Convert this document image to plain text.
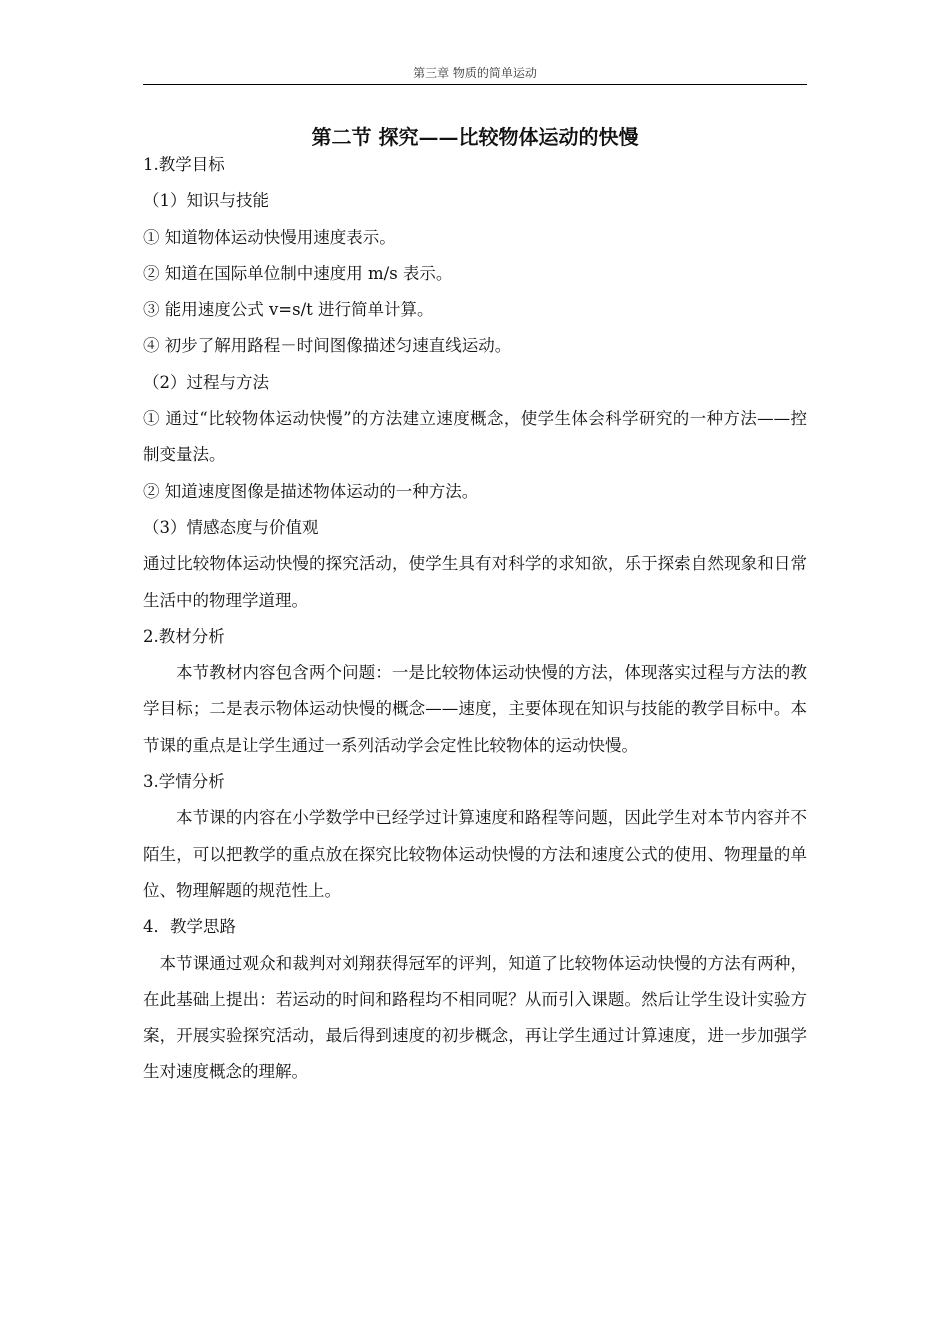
第三章 物质的简单运动
第二节 探究——比较物体运动的快慢

1.教学目标

（1）知识与技能

① 知道物体运动快慢用速度表示。

② 知道在国际单位制中速度用 m/s 表示。

③ 能用速度公式 v=s/t 进行简单计算。

④ 初步了解用路程－时间图像描述匀速直线运动。

（2）过程与方法

① 通过“比较物体运动快慢”的方法建立速度概念，使学生体会科学研究的一种方法——控制变量法。

② 知道速度图像是描述物体运动的一种方法。

（3）情感态度与价值观

通过比较物体运动快慢的探究活动，使学生具有对科学的求知欲，乐于探索自然现象和日常生活中的物理学道理。

2.教材分析

本节教材内容包含两个问题：一是比较物体运动快慢的方法，体现落实过程与方法的教学目标；二是表示物体运动快慢的概念——速度，主要体现在知识与技能的教学目标中。本节课的重点是让学生通过一系列活动学会定性比较物体的运动快慢。

3.学情分析

本节课的内容在小学数学中已经学过计算速度和路程等问题，因此学生对本节内容并不陌生，可以把教学的重点放在探究比较物体运动快慢的方法和速度公式的使用、物理量的单位、物理解题的规范性上。

4．教学思路

本节课通过观众和裁判对刘翔获得冠军的评判，知道了比较物体运动快慢的方法有两种，在此基础上提出：若运动的时间和路程均不相同呢？从而引入课题。然后让学生设计实验方案，开展实验探究活动，最后得到速度的初步概念，再让学生通过计算速度，进一步加强学生对速度概念的理解。
